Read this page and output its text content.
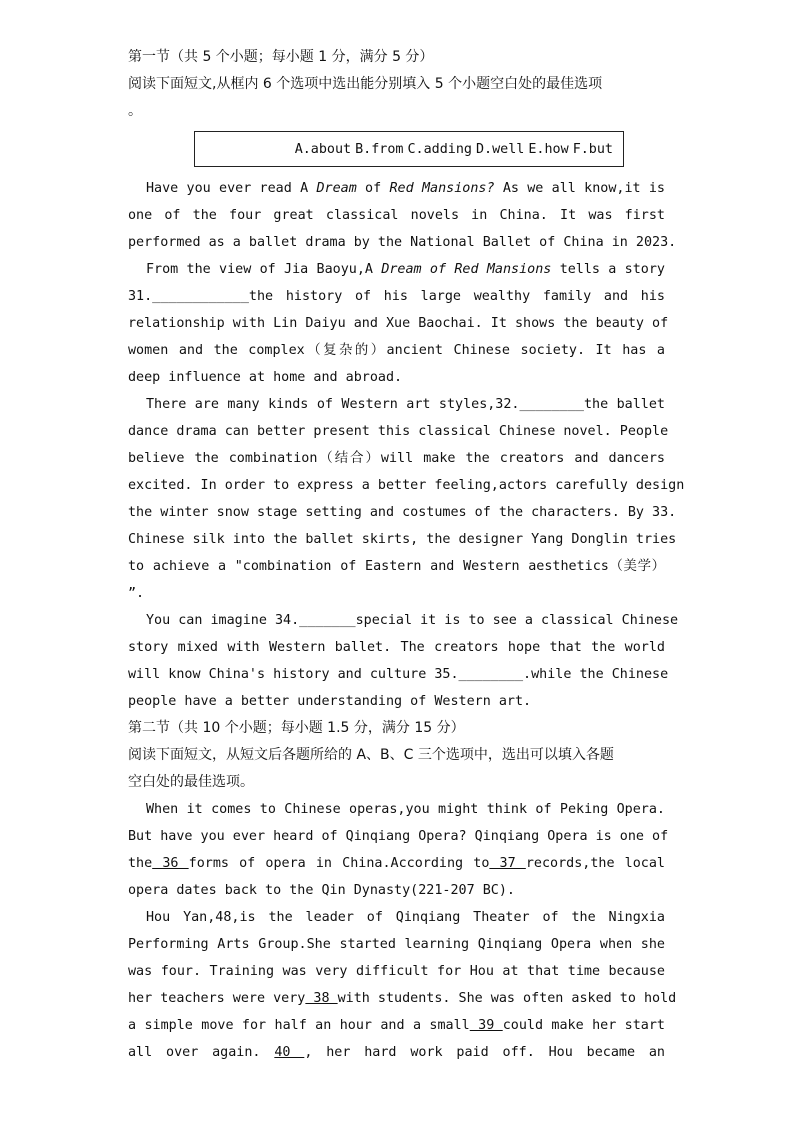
第一节（共 5 个小题；每小题 1 分，满分 5 分）
阅读下面短文,从框内 6 个选项中选出能分别填入 5 个小题空白处的最佳选项
。
A.about B.from C.adding D.well E.how F.but
Have you ever read A Dream of Red Mansions? As we all know,it is
one of the four great classical novels in China. It was first
performed as a ballet drama by the National Ballet of China in 2023.
From the view of Jia Baoyu,A Dream of Red Mansions tells a story
31.____________the history of his large wealthy family and his
relationship with Lin Daiyu and Xue Baochai. It shows the beauty of
women and the complex（复杂的）ancient Chinese society. It has a
deep influence at home and abroad.
There are many kinds of Western art styles,32.________the ballet
dance drama can better present this classical Chinese novel. People
believe the combination（结合）will make the creators and dancers
excited. In order to express a better feeling,actors carefully design
the winter snow stage setting and costumes of the characters. By 33.
Chinese silk into the ballet skirts, the designer Yang Donglin tries
to achieve a "combination of Eastern and Western aesthetics（美学）
”.
You can imagine 34._______special it is to see a classical Chinese
story mixed with Western ballet. The creators hope that the world
will know China's history and culture 35.________.while the Chinese
people have a better understanding of Western art.
第二节（共 10 个小题；每小题 1.5 分，满分 15 分）
阅读下面短文，从短文后各题所给的 A、B、C 三个选项中，选出可以填入各题
空白处的最佳选项。
When it comes to Chinese operas,you might think of Peking Opera.
But have you ever heard of Qinqiang Opera? Qinqiang Opera is one of
the 36 forms of opera in China.According to 37 records,the local
opera dates back to the Qin Dynasty(221-207 BC).
Hou Yan,48,is the leader of Qinqiang Theater of the Ningxia
Performing Arts Group.She started learning Qinqiang Opera when she
was four. Training was very difficult for Hou at that time because
her teachers were very 38 with students. She was often asked to hold
a simple move for half an hour and a small 39 could make her start
all over again. 40 , her hard work paid off. Hou became an
